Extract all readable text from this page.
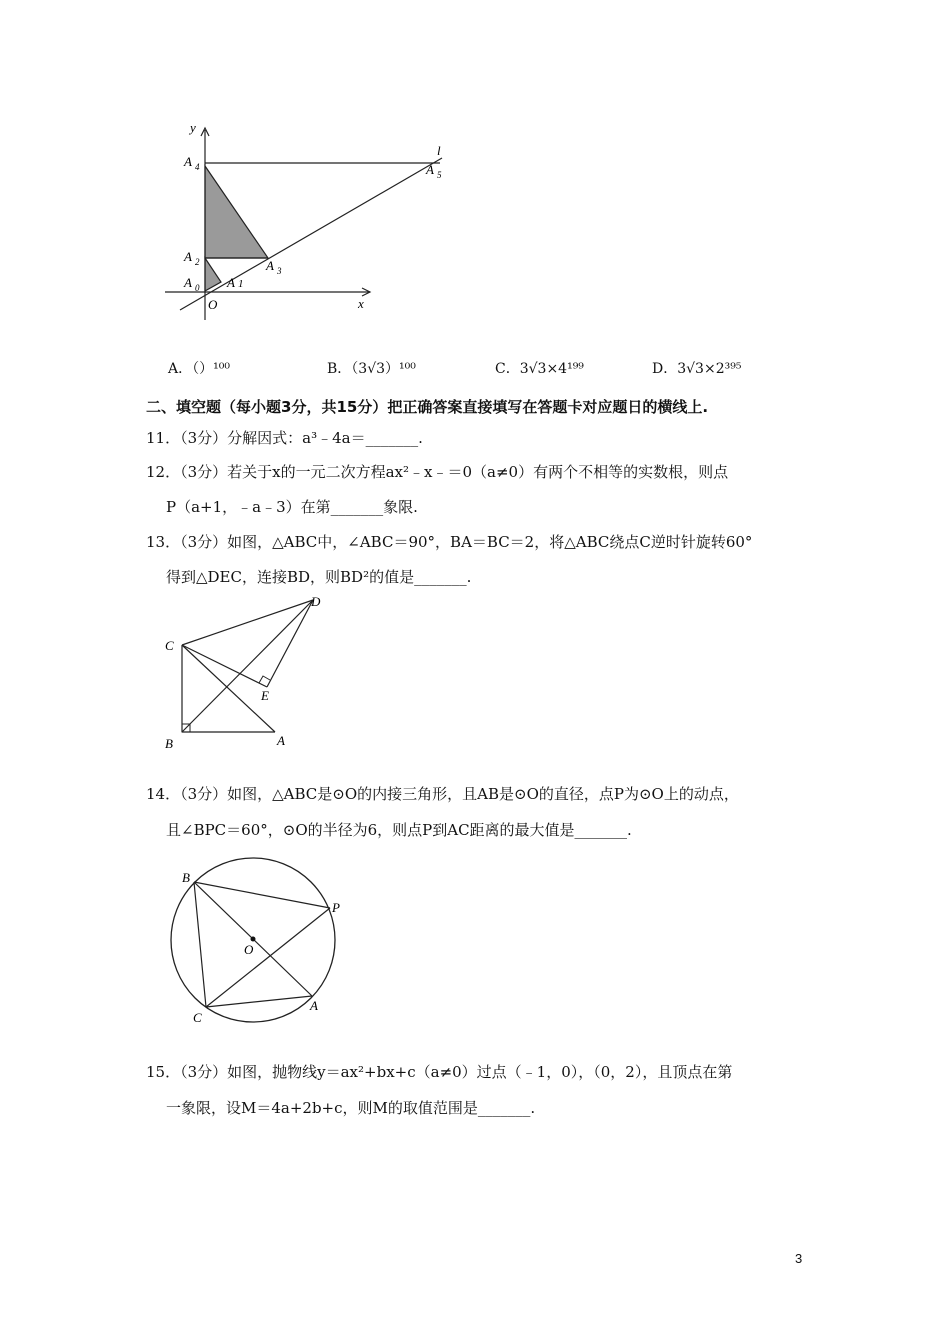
y
x
O
l
A 4	A 5
A 2	A 3
A 0 A 1
A．（）¹⁰⁰	B．（3√3）¹⁰⁰	C．3√3×4¹⁹⁹	D．3√3×2³⁹⁵
二、填空题（每小题3分，共15分）把正确答案直接填写在答题卡对应题日的横线上.
11．（3分）分解因式：a³﹣4a＝_______.
12．（3分）若关于x的一元二次方程ax²﹣x﹣＝0（a≠0）有两个不相等的实数根，则点
P（a+1，﹣a﹣3）在第_______象限.
13．（3分）如图，△ABC中，∠ABC＝90°，BA＝BC＝2，将△ABC绕点C逆时针旋转60°
得到△DEC，连接BD，则BD²的值是_______.
D
C
E
B	A
14．（3分）如图，△ABC是⊙O的内接三角形，且AB是⊙O的直径，点P为⊙O上的动点，
且∠BPC＝60°，⊙O的半径为6，则点P到AC距离的最大值是_______.
B
P
O
C
A
15．（3分）如图，抛物线y＝ax²+bx+c（a≠0）过点（﹣1，0），（0，2），且顶点在第
一象限，设M＝4a+2b+c，则M的取值范围是_______.
3
